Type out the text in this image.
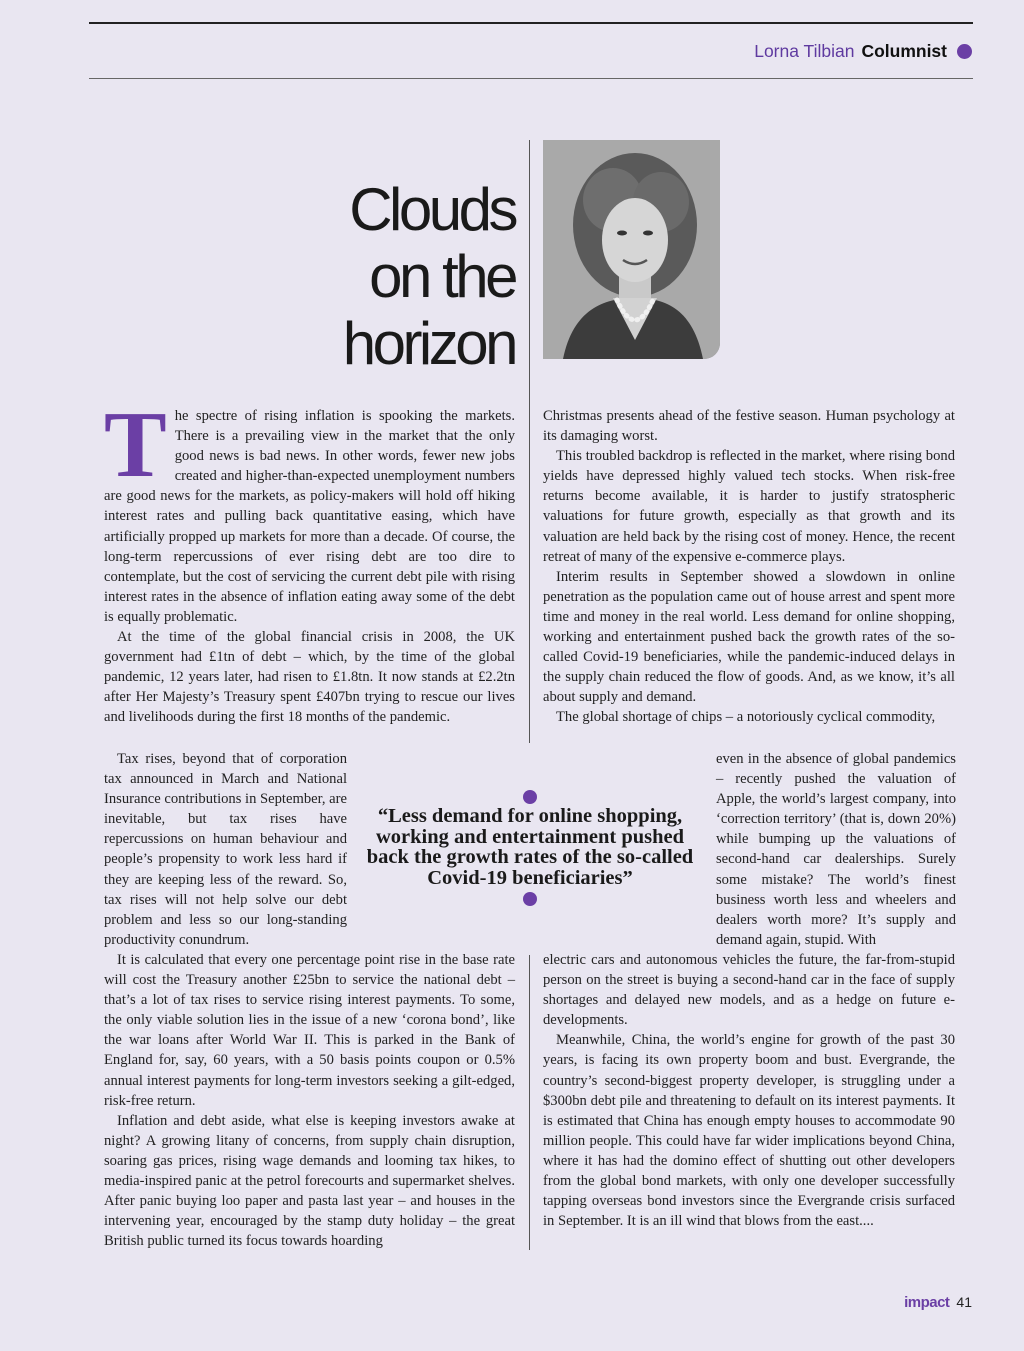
Lorna Tilbian Columnist
Clouds
on the
horizon

The spectre of rising inflation is spooking the markets. There is a prevailing view in the market that the only good news is bad news. In other words, fewer new jobs created and higher-than-expected unemployment numbers are good news for the markets, as policy-makers will hold off hiking interest rates and pulling back quantitative easing, which have artificially propped up markets for more than a decade. Of course, the long-term repercussions of ever rising debt are too dire to contemplate, but the cost of servicing the current debt pile with rising interest rates in the absence of inflation eating away some of the debt is equally problematic.

At the time of the global financial crisis in 2008, the UK government had £1tn of debt – which, by the time of the global pandemic, 12 years later, had risen to £1.8tn. It now stands at £2.2tn after Her Majesty’s Treasury spent £407bn trying to rescue our lives and livelihoods during the first 18 months of the pandemic.

Tax rises, beyond that of corporation tax announced in March and National Insurance contributions in September, are inevitable, but tax rises have repercussions on human behaviour and people’s propensity to work less hard if they are keeping less of the reward. So, tax rises will not help solve our debt problem and less so our long-standing productivity conundrum.

“Less demand for online shopping, working and entertainment pushed back the growth rates of the so-called Covid-19 beneficiaries”

It is calculated that every one percentage point rise in the base rate will cost the Treasury another £25bn to service the national debt – that’s a lot of tax rises to service rising interest payments. To some, the only viable solution lies in the issue of a new ‘corona bond’, like the war loans after World War II. This is parked in the Bank of England for, say, 60 years, with a 50 basis points coupon or 0.5% annual interest payments for long-term investors seeking a gilt-edged, risk-free return.

Inflation and debt aside, what else is keeping investors awake at night? A growing litany of concerns, from supply chain disruption, soaring gas prices, rising wage demands and looming tax hikes, to media-inspired panic at the petrol forecourts and supermarket shelves. After panic buying loo paper and pasta last year – and houses in the intervening year, encouraged by the stamp duty holiday – the great British public turned its focus towards hoarding

Christmas presents ahead of the festive season. Human psychology at its damaging worst.

This troubled backdrop is reflected in the market, where rising bond yields have depressed highly valued tech stocks. When risk-free returns become available, it is harder to justify stratospheric valuations for future growth, especially as that growth and its valuation are held back by the rising cost of money. Hence, the recent retreat of many of the expensive e-commerce plays.

Interim results in September showed a slowdown in online penetration as the population came out of house arrest and spent more time and money in the real world. Less demand for online shopping, working and entertainment pushed back the growth rates of the so-called Covid-19 beneficiaries, while the pandemic-induced delays in the supply chain reduced the flow of goods. And, as we know, it’s all about supply and demand.

The global shortage of chips – a notoriously cyclical commodity,

even in the absence of global pandemics – recently pushed the valuation of Apple, the world’s largest company, into ‘correction territory’ (that is, down 20%) while bumping up the valuations of second-hand car dealerships. Surely some mistake? The world’s finest business worth less and wheelers and dealers worth more? It’s supply and demand again, stupid. With

electric cars and autonomous vehicles the future, the far-from-stupid person on the street is buying a second-hand car in the face of supply shortages and delayed new models, and as a hedge on future e-developments.

Meanwhile, China, the world’s engine for growth of the past 30 years, is facing its own property boom and bust. Evergrande, the country’s second-biggest property developer, is struggling under a $300bn debt pile and threatening to default on its interest payments. It is estimated that China has enough empty houses to accommodate 90 million people. This could have far wider implications beyond China, where it has had the domino effect of shutting out other developers from the global bond markets, with only one developer successfully tapping overseas bond investors since the Evergrande crisis surfaced in September. It is an ill wind that blows from the east....

impact 41
